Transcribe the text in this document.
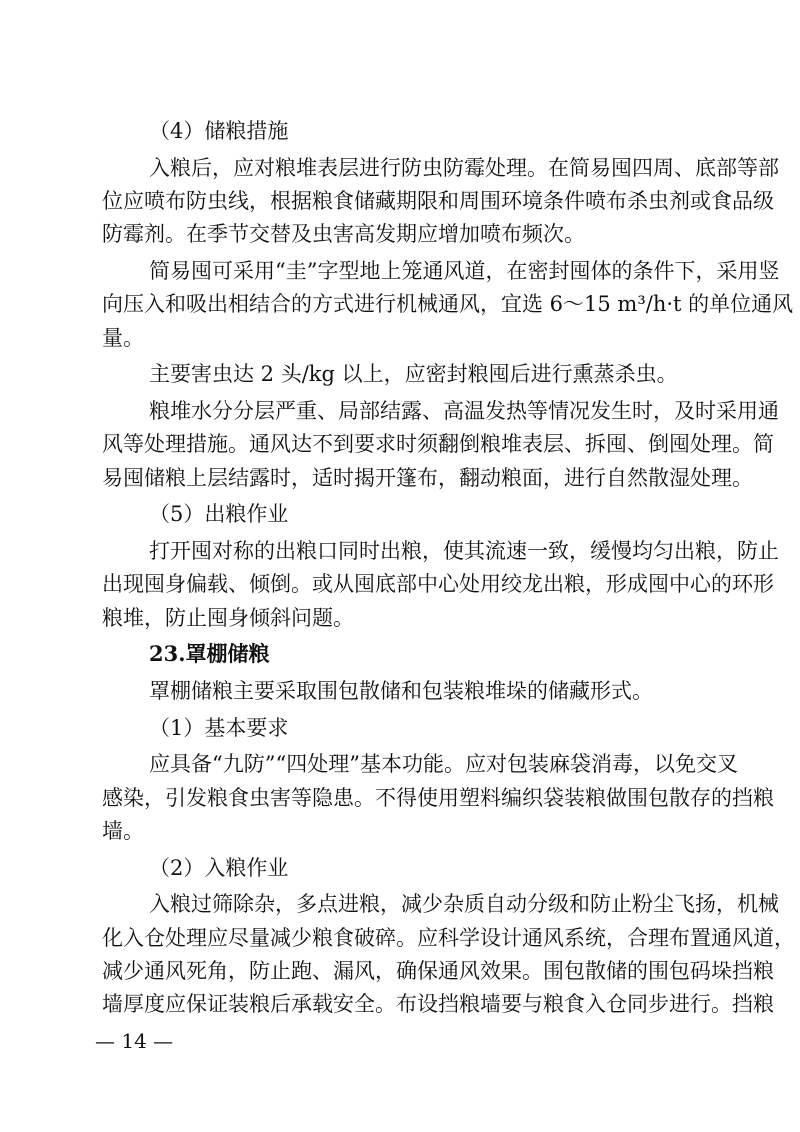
（4）储粮措施
入粮后，应对粮堆表层进行防虫防霉处理。在简易囤四周、底部等部
位应喷布防虫线，根据粮食储藏期限和周围环境条件喷布杀虫剂或食品级
防霉剂。在季节交替及虫害高发期应增加喷布频次。
简易囤可采用“圭”字型地上笼通风道，在密封囤体的条件下，采用竖
向压入和吸出相结合的方式进行机械通风，宜选 6～15 m³/h·t 的单位通风
量。
主要害虫达 2 头/kg 以上，应密封粮囤后进行熏蒸杀虫。
粮堆水分分层严重、局部结露、高温发热等情况发生时，及时采用通
风等处理措施。通风达不到要求时须翻倒粮堆表层、拆囤、倒囤处理。简
易囤储粮上层结露时，适时揭开篷布，翻动粮面，进行自然散湿处理。
（5）出粮作业
打开囤对称的出粮口同时出粮，使其流速一致，缓慢均匀出粮，防止
出现囤身偏载、倾倒。或从囤底部中心处用绞龙出粮，形成囤中心的环形
粮堆，防止囤身倾斜问题。
23.罩棚储粮
罩棚储粮主要采取围包散储和包装粮堆垛的储藏形式。
（1）基本要求
应具备“九防”“四处理”基本功能。应对包装麻袋消毒，以免交叉
感染，引发粮食虫害等隐患。不得使用塑料编织袋装粮做围包散存的挡粮
墙。
（2）入粮作业
入粮过筛除杂，多点进粮，减少杂质自动分级和防止粉尘飞扬，机械
化入仓处理应尽量减少粮食破碎。应科学设计通风系统，合理布置通风道，
减少通风死角，防止跑、漏风，确保通风效果。围包散储的围包码垛挡粮
墙厚度应保证装粮后承载安全。布设挡粮墙要与粮食入仓同步进行。挡粮
— 14 —
